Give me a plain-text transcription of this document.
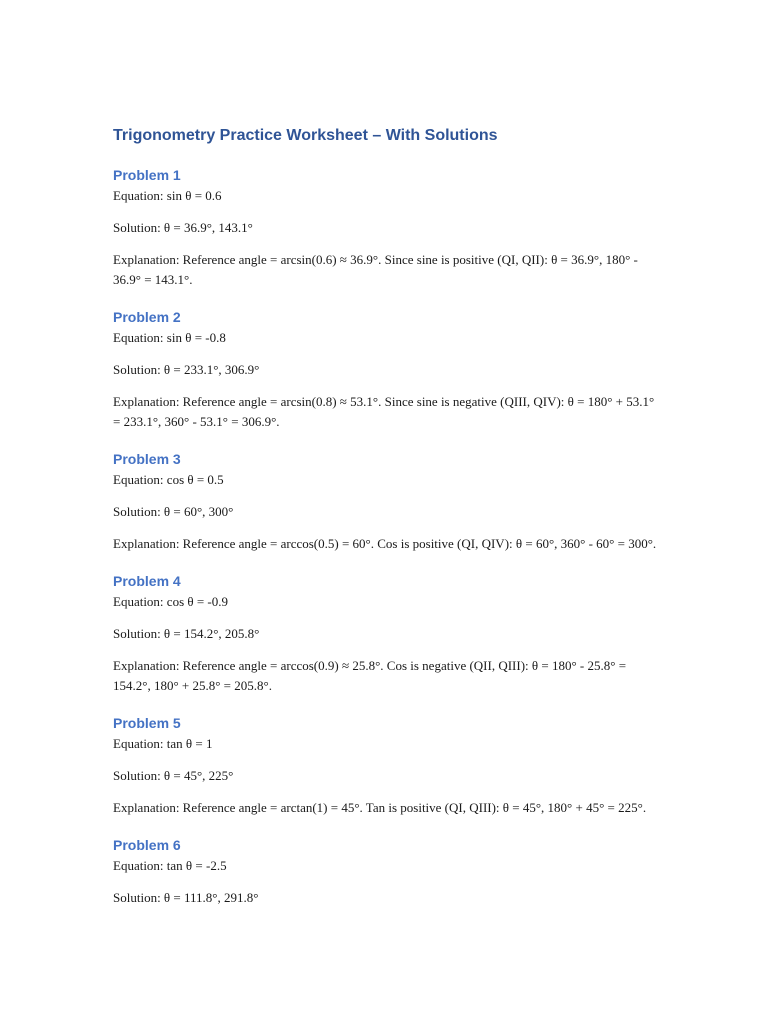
Trigonometry Practice Worksheet – With Solutions
Problem 1

Equation: sin θ = 0.6

Solution: θ = 36.9°, 143.1°

Explanation: Reference angle = arcsin(0.6) ≈ 36.9°. Since sine is positive (QI, QII): θ = 36.9°, 180° - 36.9° = 143.1°.

Problem 2

Equation: sin θ = -0.8

Solution: θ = 233.1°, 306.9°

Explanation: Reference angle = arcsin(0.8) ≈ 53.1°. Since sine is negative (QIII, QIV): θ = 180° + 53.1° = 233.1°, 360° - 53.1° = 306.9°.

Problem 3

Equation: cos θ = 0.5

Solution: θ = 60°, 300°

Explanation: Reference angle = arccos(0.5) = 60°. Cos is positive (QI, QIV): θ = 60°, 360° - 60° = 300°.

Problem 4

Equation: cos θ = -0.9

Solution: θ = 154.2°, 205.8°

Explanation: Reference angle = arccos(0.9) ≈ 25.8°. Cos is negative (QII, QIII): θ = 180° - 25.8° = 154.2°, 180° + 25.8° = 205.8°.

Problem 5

Equation: tan θ = 1

Solution: θ = 45°, 225°

Explanation: Reference angle = arctan(1) = 45°. Tan is positive (QI, QIII): θ = 45°, 180° + 45° = 225°.

Problem 6

Equation: tan θ = -2.5

Solution: θ = 111.8°, 291.8°
